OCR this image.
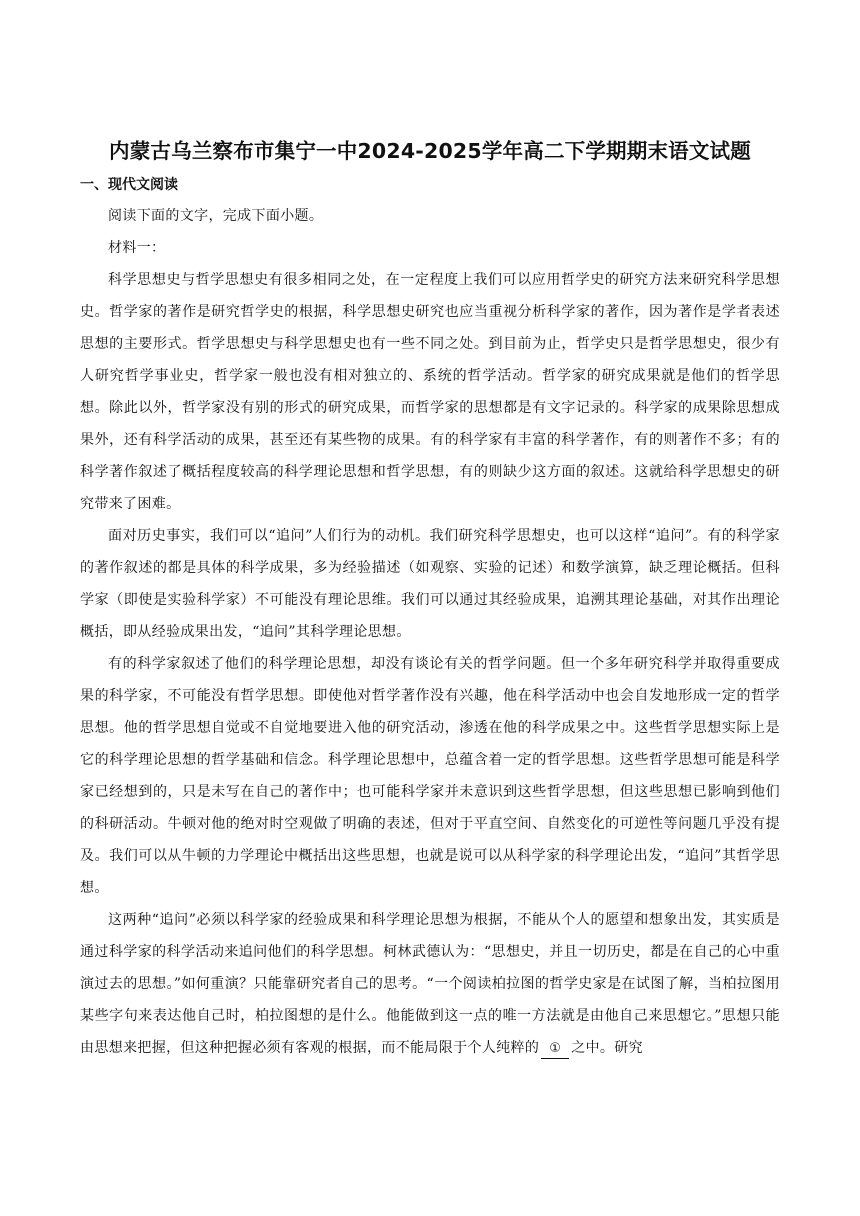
内蒙古乌兰察布市集宁一中2024-2025学年高二下学期期末语文试题
一、现代文阅读

阅读下面的文字，完成下面小题。

材料一：

科学思想史与哲学思想史有很多相同之处，在一定程度上我们可以应用哲学史的研究方法来研究科学思想史。哲学家的著作是研究哲学史的根据，科学思想史研究也应当重视分析科学家的著作，因为著作是学者表述思想的主要形式。哲学思想史与科学思想史也有一些不同之处。到目前为止，哲学史只是哲学思想史，很少有人研究哲学事业史，哲学家一般也没有相对独立的、系统的哲学活动。哲学家的研究成果就是他们的哲学思想。除此以外，哲学家没有别的形式的研究成果，而哲学家的思想都是有文字记录的。科学家的成果除思想成果外，还有科学活动的成果，甚至还有某些物的成果。有的科学家有丰富的科学著作，有的则著作不多；有的科学著作叙述了概括程度较高的科学理论思想和哲学思想，有的则缺少这方面的叙述。这就给科学思想史的研究带来了困难。

面对历史事实，我们可以“追问”人们行为的动机。我们研究科学思想史，也可以这样“追问”。有的科学家的著作叙述的都是具体的科学成果，多为经验描述（如观察、实验的记述）和数学演算，缺乏理论概括。但科学家（即使是实验科学家）不可能没有理论思维。我们可以通过其经验成果，追溯其理论基础，对其作出理论概括，即从经验成果出发，“追问”其科学理论思想。

有的科学家叙述了他们的科学理论思想，却没有谈论有关的哲学问题。但一个多年研究科学并取得重要成果的科学家，不可能没有哲学思想。即使他对哲学著作没有兴趣，他在科学活动中也会自发地形成一定的哲学思想。他的哲学思想自觉或不自觉地要进入他的研究活动，渗透在他的科学成果之中。这些哲学思想实际上是它的科学理论思想的哲学基础和信念。科学理论思想中，总蕴含着一定的哲学思想。这些哲学思想可能是科学家已经想到的，只是未写在自己的著作中；也可能科学家并未意识到这些哲学思想，但这些思想已影响到他们的科研活动。牛顿对他的绝对时空观做了明确的表述，但对于平直空间、自然变化的可逆性等问题几乎没有提及。我们可以从牛顿的力学理论中概括出这些思想，也就是说可以从科学家的科学理论出发，“追问”其哲学思想。

这两种“追问”必须以科学家的经验成果和科学理论思想为根据，不能从个人的愿望和想象出发，其实质是通过科学家的科学活动来追问他们的科学思想。柯林武德认为：“思想史，并且一切历史，都是在自己的心中重演过去的思想。”如何重演？只能靠研究者自己的思考。“一个阅读柏拉图的哲学史家是在试图了解，当柏拉图用某些字句来表达他自己时，柏拉图想的是什么。他能做到这一点的唯一方法就是由他自己来思想它。”思想只能由思想来把握，但这种把握必须有客观的根据，而不能局限于个人纯粹的 ① 之中。研究
